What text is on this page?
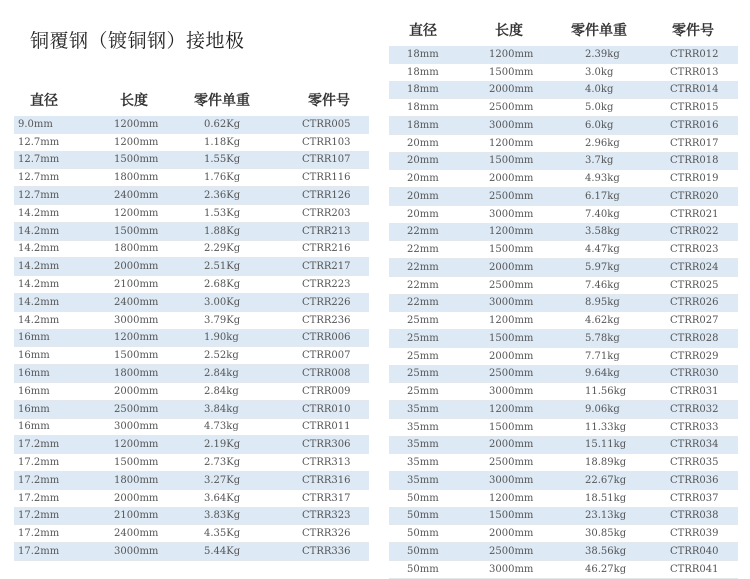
铜覆钢（镀铜钢）接地极
直径	长度	零件单重	零件号
9.0mm	1200mm	0.62Kg	CTRR005
12.7mm	1200mm	1.18Kg	CTRR103
12.7mm	1500mm	1.55Kg	CTRR107
12.7mm	1800mm	1.76Kg	CTRR116
12.7mm	2400mm	2.36Kg	CTRR126
14.2mm	1200mm	1.53Kg	CTRR203
14.2mm	1500mm	1.88Kg	CTRR213
14.2mm	1800mm	2.29Kg	CTRR216
14.2mm	2000mm	2.51Kg	CTRR217
14.2mm	2100mm	2.68Kg	CTRR223
14.2mm	2400mm	3.00Kg	CTRR226
14.2mm	3000mm	3.79Kg	CTRR236
16mm	1200mm	1.90kg	CTRR006
16mm	1500mm	2.52kg	CTRR007
16mm	1800mm	2.84kg	CTRR008
16mm	2000mm	2.84kg	CTRR009
16mm	2500mm	3.84kg	CTRR010
16mm	3000mm	4.73kg	CTRR011
17.2mm	1200mm	2.19Kg	CTRR306
17.2mm	1500mm	2.73Kg	CTRR313
17.2mm	1800mm	3.27Kg	CTRR316
17.2mm	2000mm	3.64Kg	CTRR317
17.2mm	2100mm	3.83Kg	CTRR323
17.2mm	2400mm	4.35Kg	CTRR326
17.2mm	3000mm	5.44Kg	CTRR336
直径	长度	零件单重	零件号
18mm	1200mm	2.39kg	CTRR012
18mm	1500mm	3.0kg	CTRR013
18mm	2000mm	4.0kg	CTRR014
18mm	2500mm	5.0kg	CTRR015
18mm	3000mm	6.0kg	CTRR016
20mm	1200mm	2.96kg	CTRR017
20mm	1500mm	3.7kg	CTRR018
20mm	2000mm	4.93kg	CTRR019
20mm	2500mm	6.17kg	CTRR020
20mm	3000mm	7.40kg	CTRR021
22mm	1200mm	3.58kg	CTRR022
22mm	1500mm	4.47kg	CTRR023
22mm	2000mm	5.97kg	CTRR024
22mm	2500mm	7.46kg	CTRR025
22mm	3000mm	8.95kg	CTRR026
25mm	1200mm	4.62kg	CTRR027
25mm	1500mm	5.78kg	CTRR028
25mm	2000mm	7.71kg	CTRR029
25mm	2500mm	9.64kg	CTRR030
25mm	3000mm	11.56kg	CTRR031
35mm	1200mm	9.06kg	CTRR032
35mm	1500mm	11.33kg	CTRR033
35mm	2000mm	15.11kg	CTRR034
35mm	2500mm	18.89kg	CTRR035
35mm	3000mm	22.67kg	CTRR036
50mm	1200mm	18.51kg	CTRR037
50mm	1500mm	23.13kg	CTRR038
50mm	2000mm	30.85kg	CTRR039
50mm	2500mm	38.56kg	CTRR040
50mm	3000mm	46.27kg	CTRR041
